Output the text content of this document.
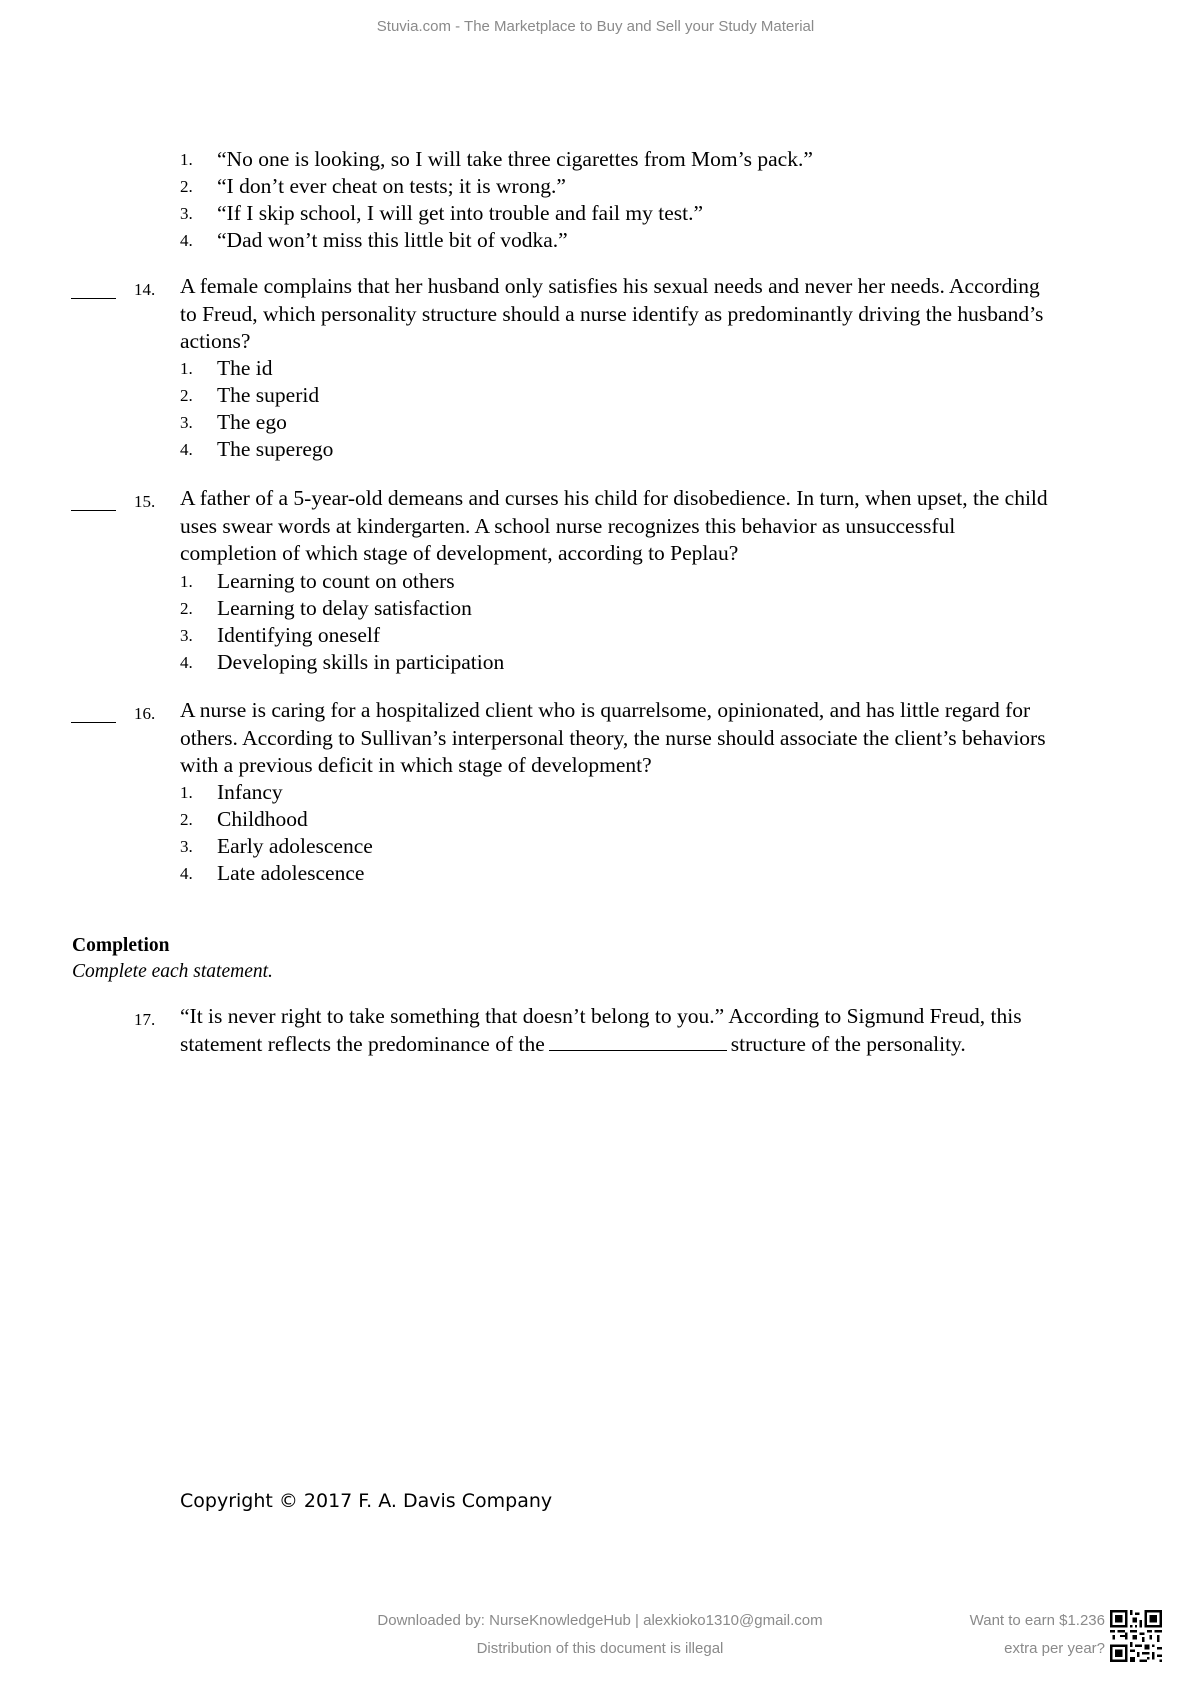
Stuvia.com - The Marketplace to Buy and Sell your Study Material
1. “No one is looking, so I will take three cigarettes from Mom’s pack.”
2. “I don’t ever cheat on tests; it is wrong.”
3. “If I skip school, I will get into trouble and fail my test.”
4. “Dad won’t miss this little bit of vodka.”
14. A female complains that her husband only satisfies his sexual needs and never her needs. According
to Freud, which personality structure should a nurse identify as predominantly driving the husband’s
actions?
1. The id
2. The superid
3. The ego
4. The superego
15. A father of a 5-year-old demeans and curses his child for disobedience. In turn, when upset, the child
uses swear words at kindergarten. A school nurse recognizes this behavior as unsuccessful
completion of which stage of development, according to Peplau?
1. Learning to count on others
2. Learning to delay satisfaction
3. Identifying oneself
4. Developing skills in participation
16. A nurse is caring for a hospitalized client who is quarrelsome, opinionated, and has little regard for
others. According to Sullivan’s interpersonal theory, the nurse should associate the client’s behaviors
with a previous deficit in which stage of development?
1. Infancy
2. Childhood
3. Early adolescence
4. Late adolescence
Completion
Complete each statement.
17. “It is never right to take something that doesn’t belong to you.” According to Sigmund Freud, this
statement reflects the predominance of the	structure of the personality.
Copyright © 2017 F. A. Davis Company
Downloaded by: NurseKnowledgeHub | alexkioko1310@gmail.com
Distribution of this document is illegal
Want to earn $1.236
extra per year?
